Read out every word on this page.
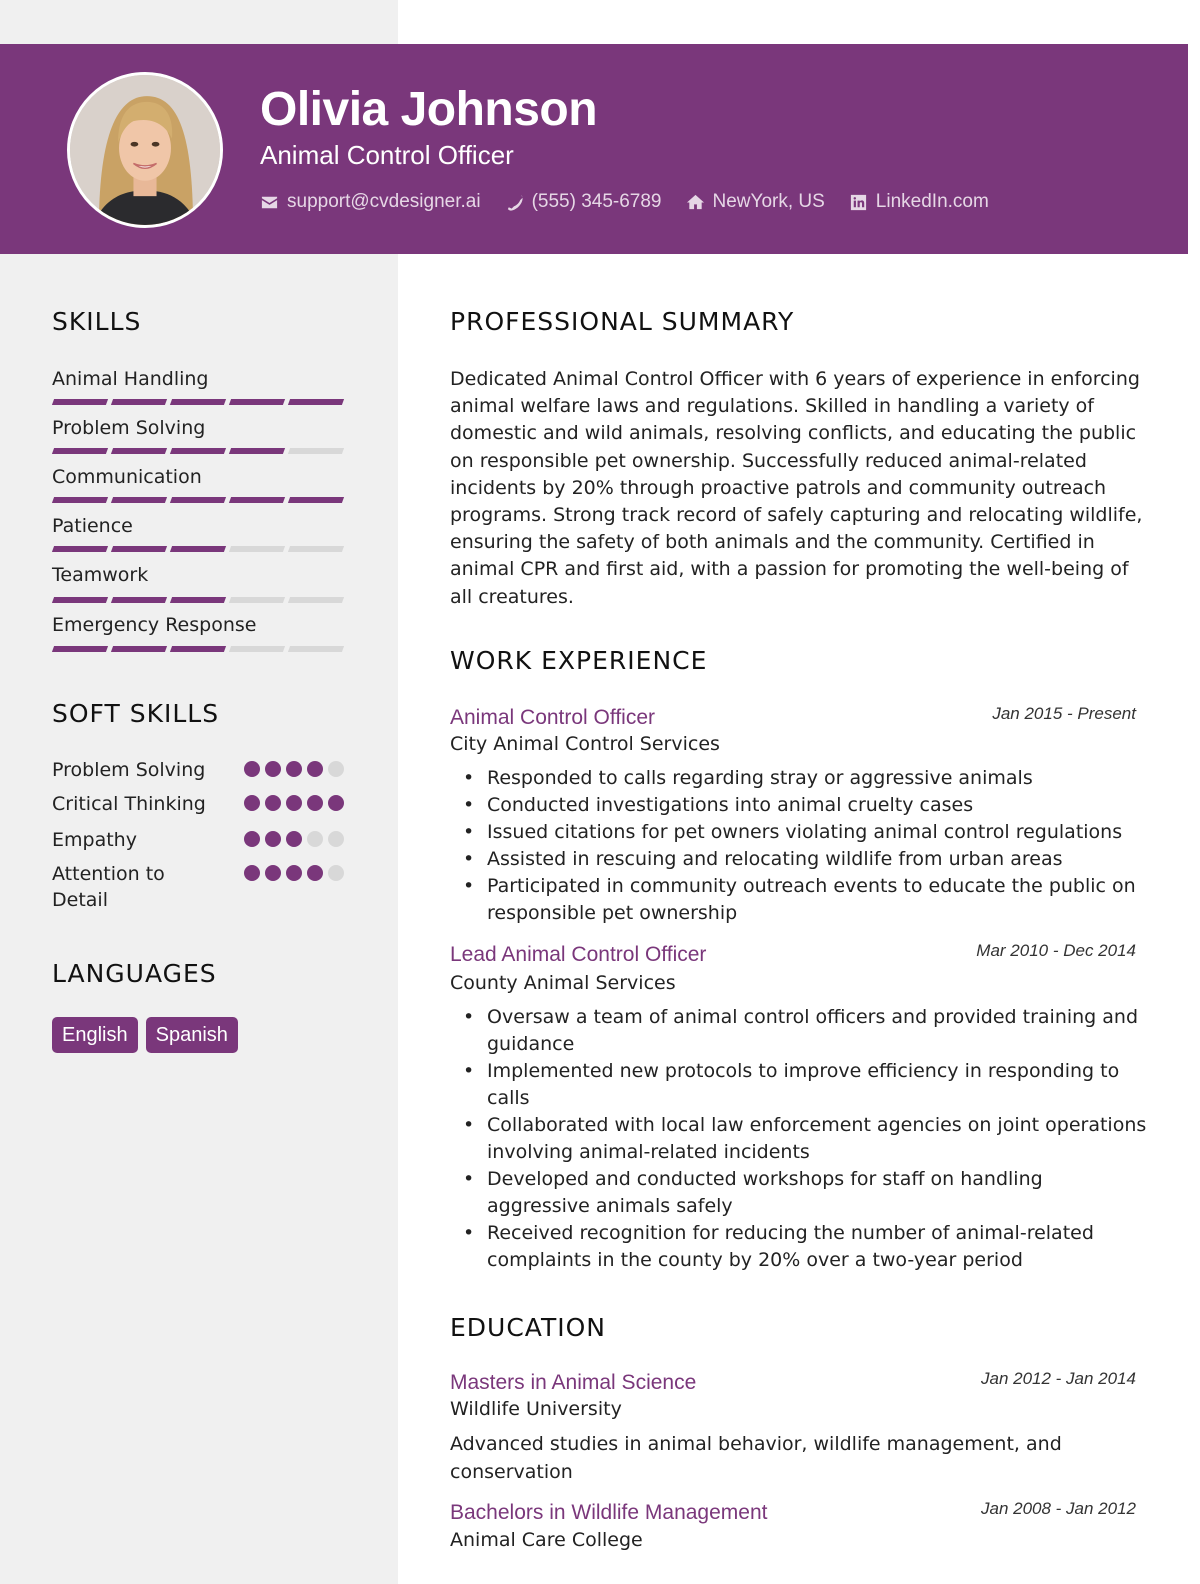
Olivia Johnson
Animal Control Officer
support@cvdesigner.ai	(555) 345-6789	NewYork, US	LinkedIn.com
SKILLS
Animal Handling
Problem Solving
Communication
Patience
Teamwork
Emergency Response
SOFT SKILLS
Problem Solving
Critical Thinking
Empathy
Attention to Detail
LANGUAGES
English	Spanish
PROFESSIONAL SUMMARY
Dedicated Animal Control Officer with 6 years of experience in enforcing animal welfare laws and regulations. Skilled in handling a variety of domestic and wild animals, resolving conflicts, and educating the public on responsible pet ownership. Successfully reduced animal-related incidents by 20% through proactive patrols and community outreach programs. Strong track record of safely capturing and relocating wildlife, ensuring the safety of both animals and the community. Certified in animal CPR and first aid, with a passion for promoting the well-being of all creatures.
WORK EXPERIENCE
Animal Control Officer	Jan 2015 - Present
City Animal Control Services
• Responded to calls regarding stray or aggressive animals
• Conducted investigations into animal cruelty cases
• Issued citations for pet owners violating animal control regulations
• Assisted in rescuing and relocating wildlife from urban areas
• Participated in community outreach events to educate the public on responsible pet ownership
Lead Animal Control Officer	Mar 2010 - Dec 2014
County Animal Services
• Oversaw a team of animal control officers and provided training and guidance
• Implemented new protocols to improve efficiency in responding to calls
• Collaborated with local law enforcement agencies on joint operations involving animal-related incidents
• Developed and conducted workshops for staff on handling aggressive animals safely
• Received recognition for reducing the number of animal-related complaints in the county by 20% over a two-year period
EDUCATION
Masters in Animal Science	Jan 2012 - Jan 2014
Wildlife University
Advanced studies in animal behavior, wildlife management, and conservation
Bachelors in Wildlife Management	Jan 2008 - Jan 2012
Animal Care College
